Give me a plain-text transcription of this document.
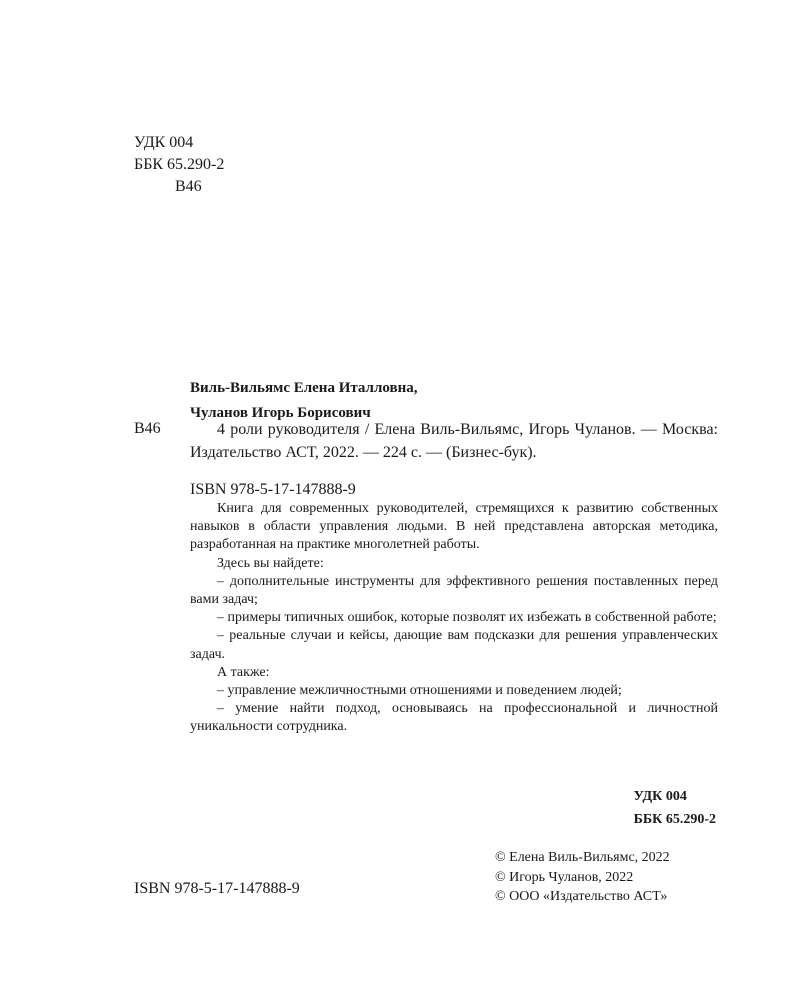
УДК 004
ББК 65.290-2
В46
Виль-Вильямс Елена Италловна,
Чуланов Игорь Борисович
В46	4 роли руководителя / Елена Виль-Вильямс, Игорь Чуланов. — Москва: Издательство АСТ, 2022. — 224 с. — (Бизнес-бук).

ISBN 978-5-17-147888-9

Книга для современных руководителей, стремящихся к развитию собственных навыков в области управления людьми. В ней представлена авторская методика, разработанная на практике многолетней работы.

Здесь вы найдете:

– дополнительные инструменты для эффективного решения поставленных перед вами задач;

– примеры типичных ошибок, которые позволят их избежать в собственной работе;

– реальные случаи и кейсы, дающие вам подсказки для решения управленческих задач.

А также:

– управление межличностными отношениями и поведением людей;

– умение найти подход, основываясь на профессиональной и личностной уникальности сотрудника.

УДК 004
ББК 65.290-2
© Елена Виль-Вильямс, 2022
© Игорь Чуланов, 2022
© ООО «Издательство АСТ»
ISBN 978-5-17-147888-9
